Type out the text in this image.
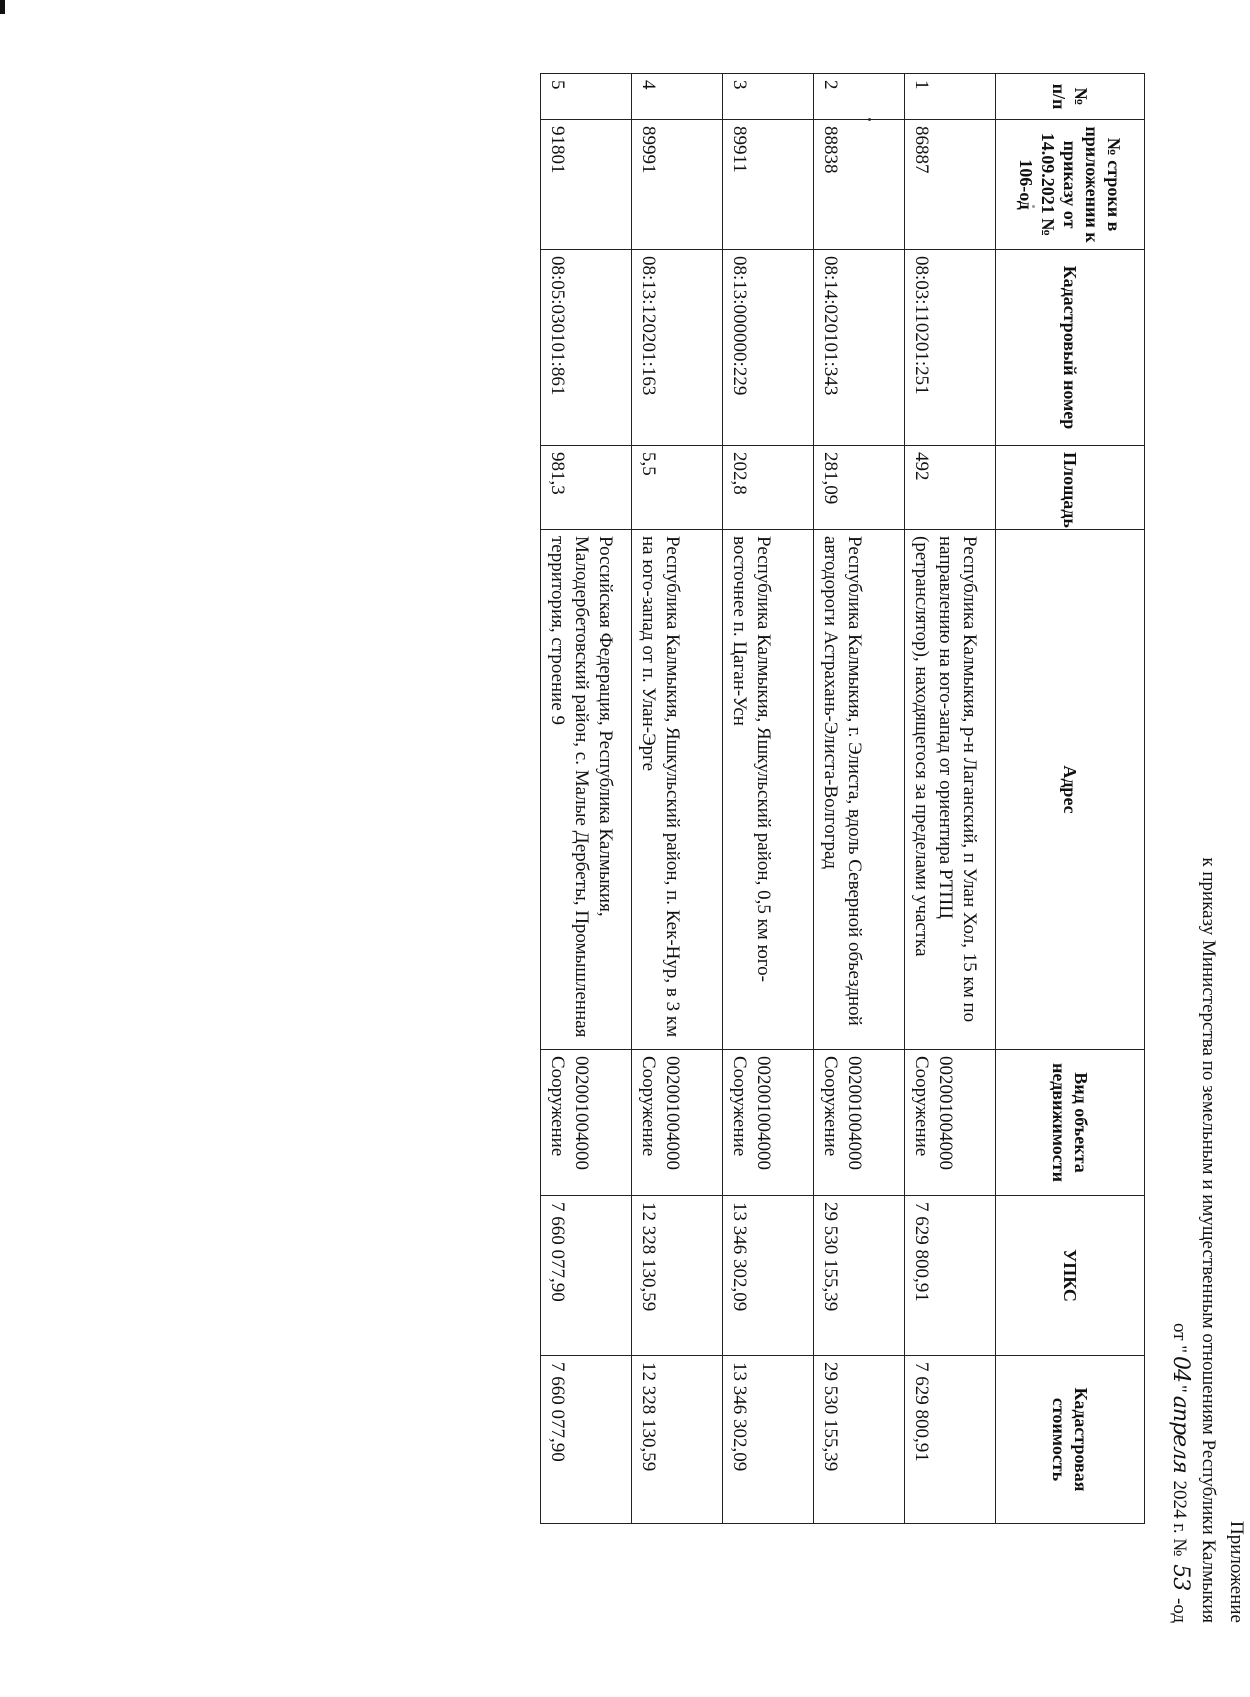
Приложение
к приказу Министерства по земельным и имущественным отношениям Республики Калмыкия
от "04"апреля 2024 г. № 53 -од
№ п/п	№ строки в приложении к приказу от 14.09.2021 № 106-од	Кадастровый номер	Площадь	Адрес	Вид объекта недвижимости	УПКС	Кадастровая стоимость
1	86887	08:03:110201:251	492	Республика Калмыкия, р-н Лаганский, п Улан Хол, 15 км по направлению на юго-запад от ориентира РТПЦ (ретранслятор), находящегося за пределами участка	002001004000 Сооружение	7 629 800,91	7 629 800,91
2	88838	08:14:020101:343	281,09	Республика Калмыкия, г. Элиста, вдоль Северной объездной автодороги Астрахань-Элиста-Волгоград	002001004000 Сооружение	29 530 155,39	29 530 155,39
3	89911	08:13:000000:229	202,8	Республика Калмыкия, Яшкульский район, 0,5 км юго-восточнее п. Цаган-Усн	002001004000 Сооружение	13 346 302,09	13 346 302,09
4	89991	08:13:120201:163	5,5	Республика Калмыкия, Яшкульский район, п. Кек-Нур, в 3 км на юго-запад от п. Улан-Эрге	002001004000 Сооружение	12 328 130,59	12 328 130,59
5	91801	08:05:030101:861	981,3	Российская Федерация, Республика Калмыкия, Малодербетовский район, с. Малые Дербеты, Промышленная территория, строение 9	002001004000 Сооружение	7 660 077,90	7 660 077,90
